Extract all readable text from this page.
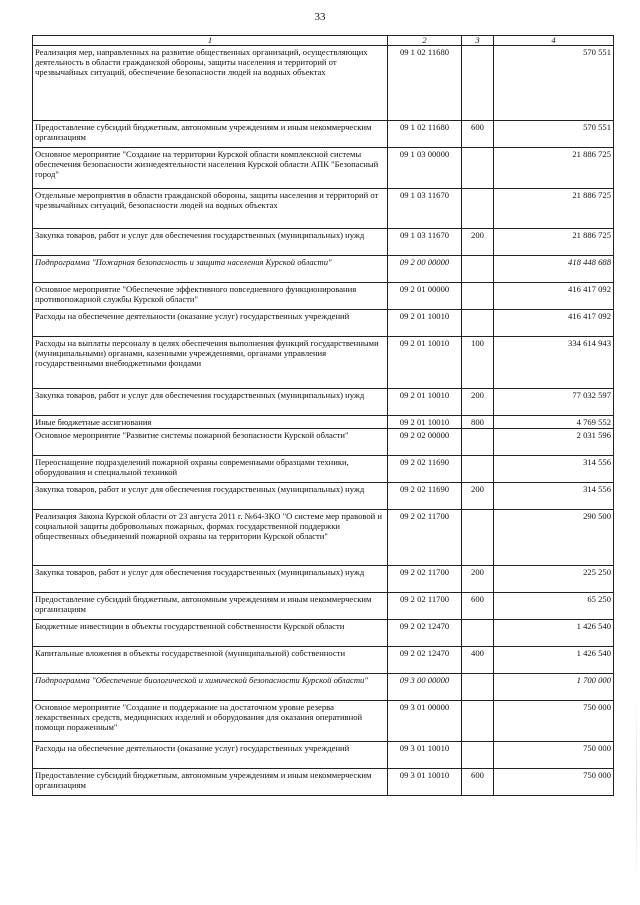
33
1	2	3	4
Реализация мер, направленных на развитие общественных организаций, осуществляющих деятельность в области гражданской обороны, защиты населения и территорий от чрезвычайных ситуаций, обеспечение безопасности людей на водных объектах	09 1 02 11680		570 551
Предоставление субсидий бюджетным, автономным учреждениям и иным некоммерческим организациям	09 1 02 11680	600	570 551
Основное мероприятие "Создание на территории Курской области комплексной системы обеспечения безопасности жизнедеятельности населения Курской области АПК "Безопасный город"	09 1 03 00000		21 886 725
Отдельные мероприятия в области гражданской обороны, защиты населения и территорий от чрезвычайных ситуаций, безопасности людей на водных объектах	09 1 03 11670		21 886 725
Закупка товаров, работ и услуг для обеспечения государственных (муниципальных) нужд	09 1 03 11670	200	21 886 725
Подпрограмма "Пожарная безопасность и защита населения Курской области"	09 2 00 00000		418 448 688
Основное мероприятие "Обеспечение эффективного повседневного функционирования противопожарной службы Курской области"	09 2 01 00000		416 417 092
Расходы на обеспечение деятельности (оказание услуг) государственных учреждений	09 2 01 10010		416 417 092
Расходы на выплаты персоналу в целях обеспечения выполнения функций государственными (муниципальными) органами, казенными учреждениями, органами управления государственными внебюджетными фондами	09 2 01 10010	100	334 614 943
Закупка товаров, работ и услуг для обеспечения государственных (муниципальных) нужд	09 2 01 10010	200	77 032 597
Иные бюджетные ассигнования	09 2 01 10010	800	4 769 552
Основное мероприятие "Развитие системы пожарной безопасности Курской области"	09 2 02 00000		2 031 596
Переоснащение подразделений пожарной охраны современными образцами техники, оборудования и специальной техникой	09 2 02 11690		314 556
Закупка товаров, работ и услуг для обеспечения государственных (муниципальных) нужд	09 2 02 11690	200	314 556
Реализация Закона Курской области от 23 августа 2011 г. №64-ЗКО "О системе мер правовой и социальной защиты добровольных пожарных, формах государственной поддержки общественных объединений пожарной охраны на территории Курской области"	09 2 02 11700		290 500
Закупка товаров, работ и услуг для обеспечения государственных (муниципальных) нужд	09 2 02 11700	200	225 250
Предоставление субсидий бюджетным, автономным учреждениям и иным некоммерческим организациям	09 2 02 11700	600	65 250
Бюджетные инвестиции в объекты государственной собственности Курской области	09 2 02 12470		1 426 540
Капитальные вложения в объекты государственной (муниципальной) собственности	09 2 02 12470	400	1 426 540
Подпрограмма "Обеспечение биологической и химической безопасности Курской области"	09 3 00 00000		1 700 000
Основное мероприятие "Создание и поддержание на достаточном уровне резерва лекарственных средств, медицинских изделий и оборудования для оказания оперативной помощи пораженным"	09 3 01 00000		750 000
Расходы на обеспечение деятельности (оказание услуг) государственных учреждений	09 3 01 10010		750 000
Предоставление субсидий бюджетным, автономным учреждениям и иным некоммерческим организациям	09 3 01 10010	600	750 000
